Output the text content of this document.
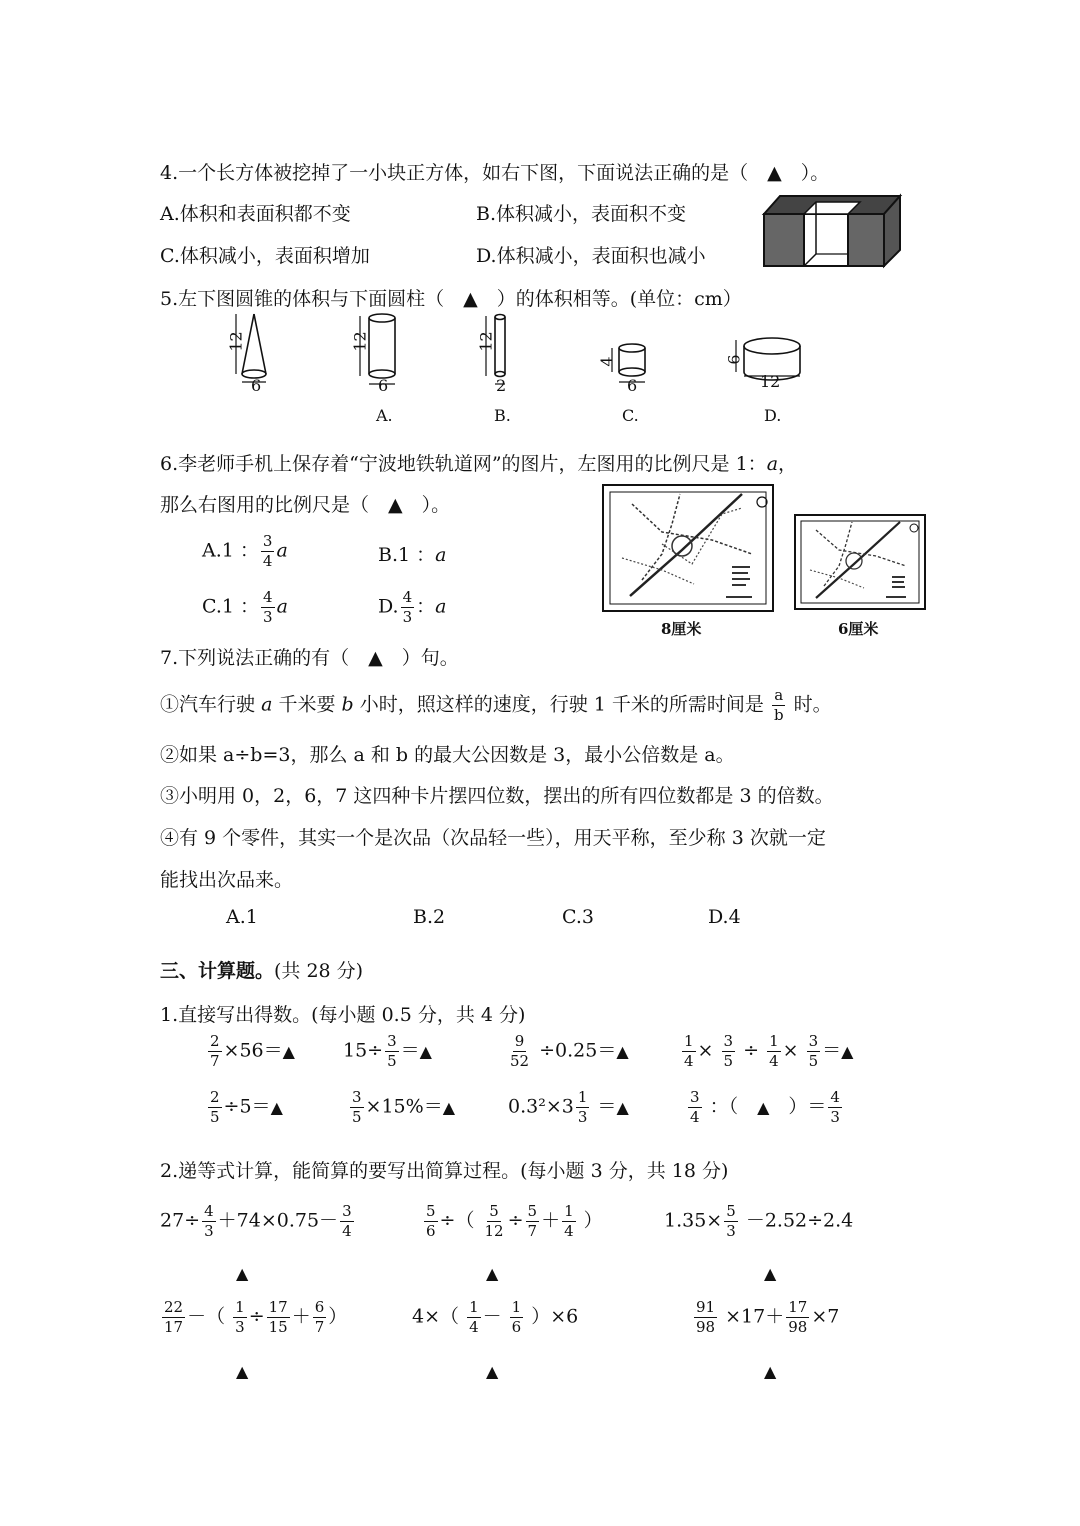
4.一个长方体被挖掉了一小块正方体，如右下图，下面说法正确的是（　▲　）。
A.体积和表面积都不变	B.体积减小，表面积不变
C.体积减小，表面积增加	D.体积减小，表面积也减小
5.左下图圆锥的体积与下面圆柱（　▲　）的体积相等。(单位：cm）
12
6
12
6
A.
12
2
B.
4
6
C.
6
12
D.
6.李老师手机上保存着“宁波地铁轨道网”的图片，左图用的比例尺是 1：a，
那么右图用的比例尺是（　▲　）。
A.1 ： $\frac{3}{4}$ a	B.1 ：a
C.1 ： $\frac{4}{3}$ a	D. $\frac{4}{3}$ ：a
8厘米	6厘米
7.下列说法正确的有（　▲　）句。
①汽车行驶 a 千米要 b 小时，照这样的速度，行驶 1 千米的所需时间是 $\frac{a}{b}$ 时。
②如果 a÷b=3，那么 a 和 b 的最大公因数是 3，最小公倍数是 a。
③小明用 0，2，6，7 这四种卡片摆四位数，摆出的所有四位数都是 3 的倍数。
④有 9 个零件，其实一个是次品（次品轻一些），用天平称，至少称 3 次就一定
能找出次品来。
A.1	B.2	C.3	D.4
三、计算题。(共 28 分)
1.直接写出得数。(每小题 0.5 分，共 4 分)
$\frac{2}{7}$ ×56＝▲	$15\div \frac{3}{5}$ ＝▲	$\frac{9}{52}$ ÷0.25＝▲	$\frac{1}{4} \times \frac{3}{5} \div \frac{1}{4} \times \frac{3}{5}$ ＝▲
$\frac{2}{5}$ ÷5＝▲	$\frac{3}{5}$ ×15%＝▲	$0.3^2\times 3 \frac{1}{3}$ ＝▲	$\frac{3}{4}$ ：（　▲　）＝ $\frac{4}{3}$
2.递等式计算，能简算的要写出简算过程。(每小题 3 分，共 18 分)
$27\div \frac{4}{3} +74\times 0.75- \frac{3}{4}$	$\frac{5}{6}$ ÷（ $\frac{5}{12} \div \frac{5}{7} + \frac{1}{4}$ ）	$1.35\times \frac{5}{3} -2.52\div 2.4$
▲	▲	▲
$\frac{22}{17}$ －（ $\frac{1}{3} \div \frac{17}{15} + \frac{6}{7}$ ）	$4\times( \frac{1}{4} - \frac{1}{6} )\times 6$	$\frac{91}{98} \times 17+ \frac{17}{98} \times 7$
▲	▲	▲
